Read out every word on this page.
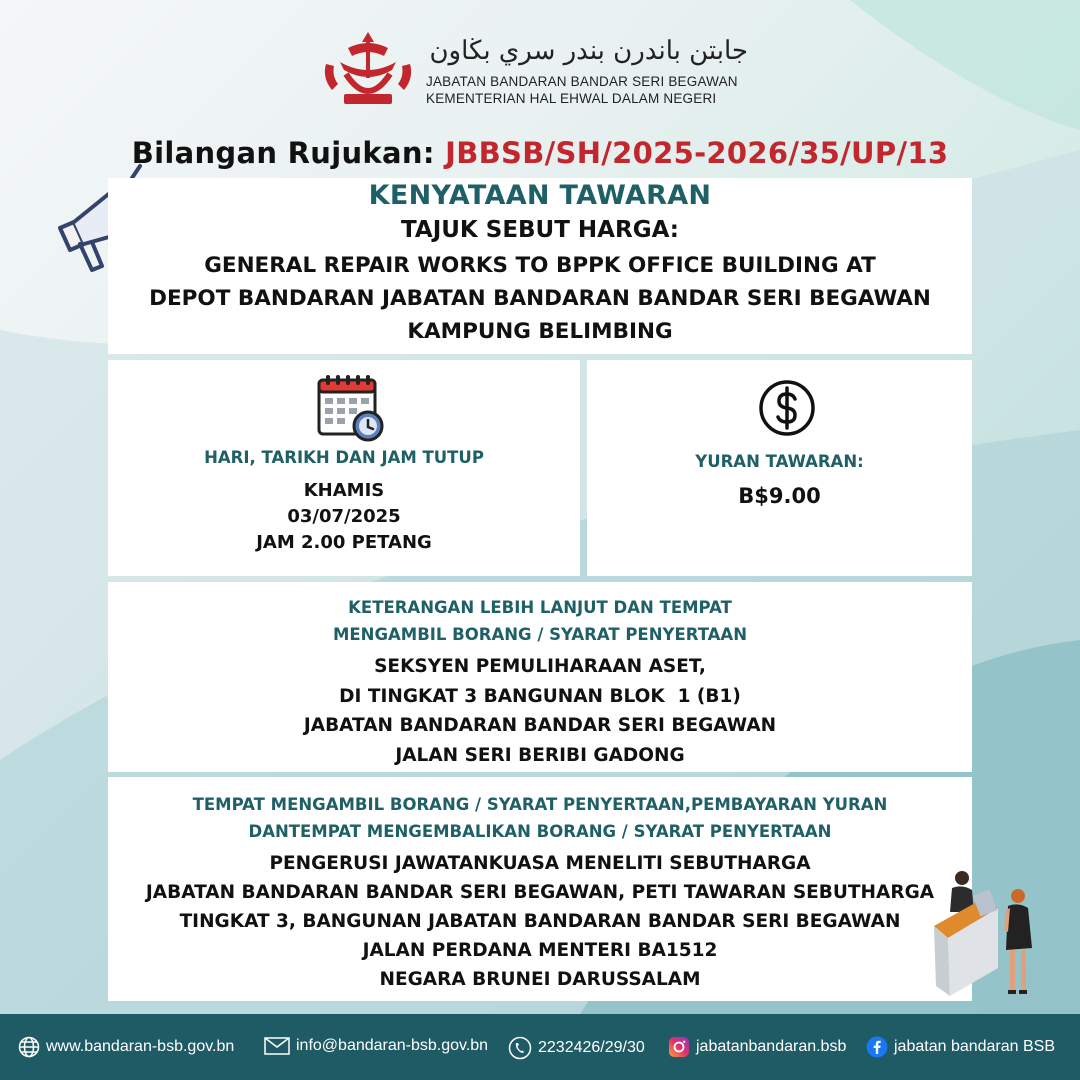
جابتن باندرن بندر سري بڬاون
JABATAN BANDARAN BANDAR SERI BEGAWAN
KEMENTERIAN HAL EHWAL DALAM NEGERI
Bilangan Rujukan: JBBSB/SH/2025-2026/35/UP/13
KENYATAAN TAWARAN
TAJUK SEBUT HARGA:
GENERAL REPAIR WORKS TO BPPK OFFICE BUILDING AT
DEPOT BANDARAN JABATAN BANDARAN BANDAR SERI BEGAWAN
KAMPUNG BELIMBING
HARI, TARIKH DAN JAM TUTUP
KHAMIS
03/07/2025
JAM 2.00 PETANG
YURAN TAWARAN:
B$9.00
KETERANGAN LEBIH LANJUT DAN TEMPAT
MENGAMBIL BORANG / SYARAT PENYERTAAN
SEKSYEN PEMULIHARAAN ASET,
DI TINGKAT 3 BANGUNAN BLOK  1 (B1)
JABATAN BANDARAN BANDAR SERI BEGAWAN
JALAN SERI BERIBI GADONG
TEMPAT MENGAMBIL BORANG / SYARAT PENYERTAAN,PEMBAYARAN YURAN
DANTEMPAT MENGEMBALIKAN BORANG / SYARAT PENYERTAAN
PENGERUSI JAWATANKUASA MENELITI SEBUTHARGA
JABATAN BANDARAN BANDAR SERI BEGAWAN, PETI TAWARAN SEBUTHARGA
TINGKAT 3, BANGUNAN JABATAN BANDARAN BANDAR SERI BEGAWAN
JALAN PERDANA MENTERI BA1512
NEGARA BRUNEI DARUSSALAM
www.bandaran-bsb.gov.bn	info@bandaran-bsb.gov.bn	2232426/29/30	jabatanbandaran.bsb	jabatan bandaran BSB
